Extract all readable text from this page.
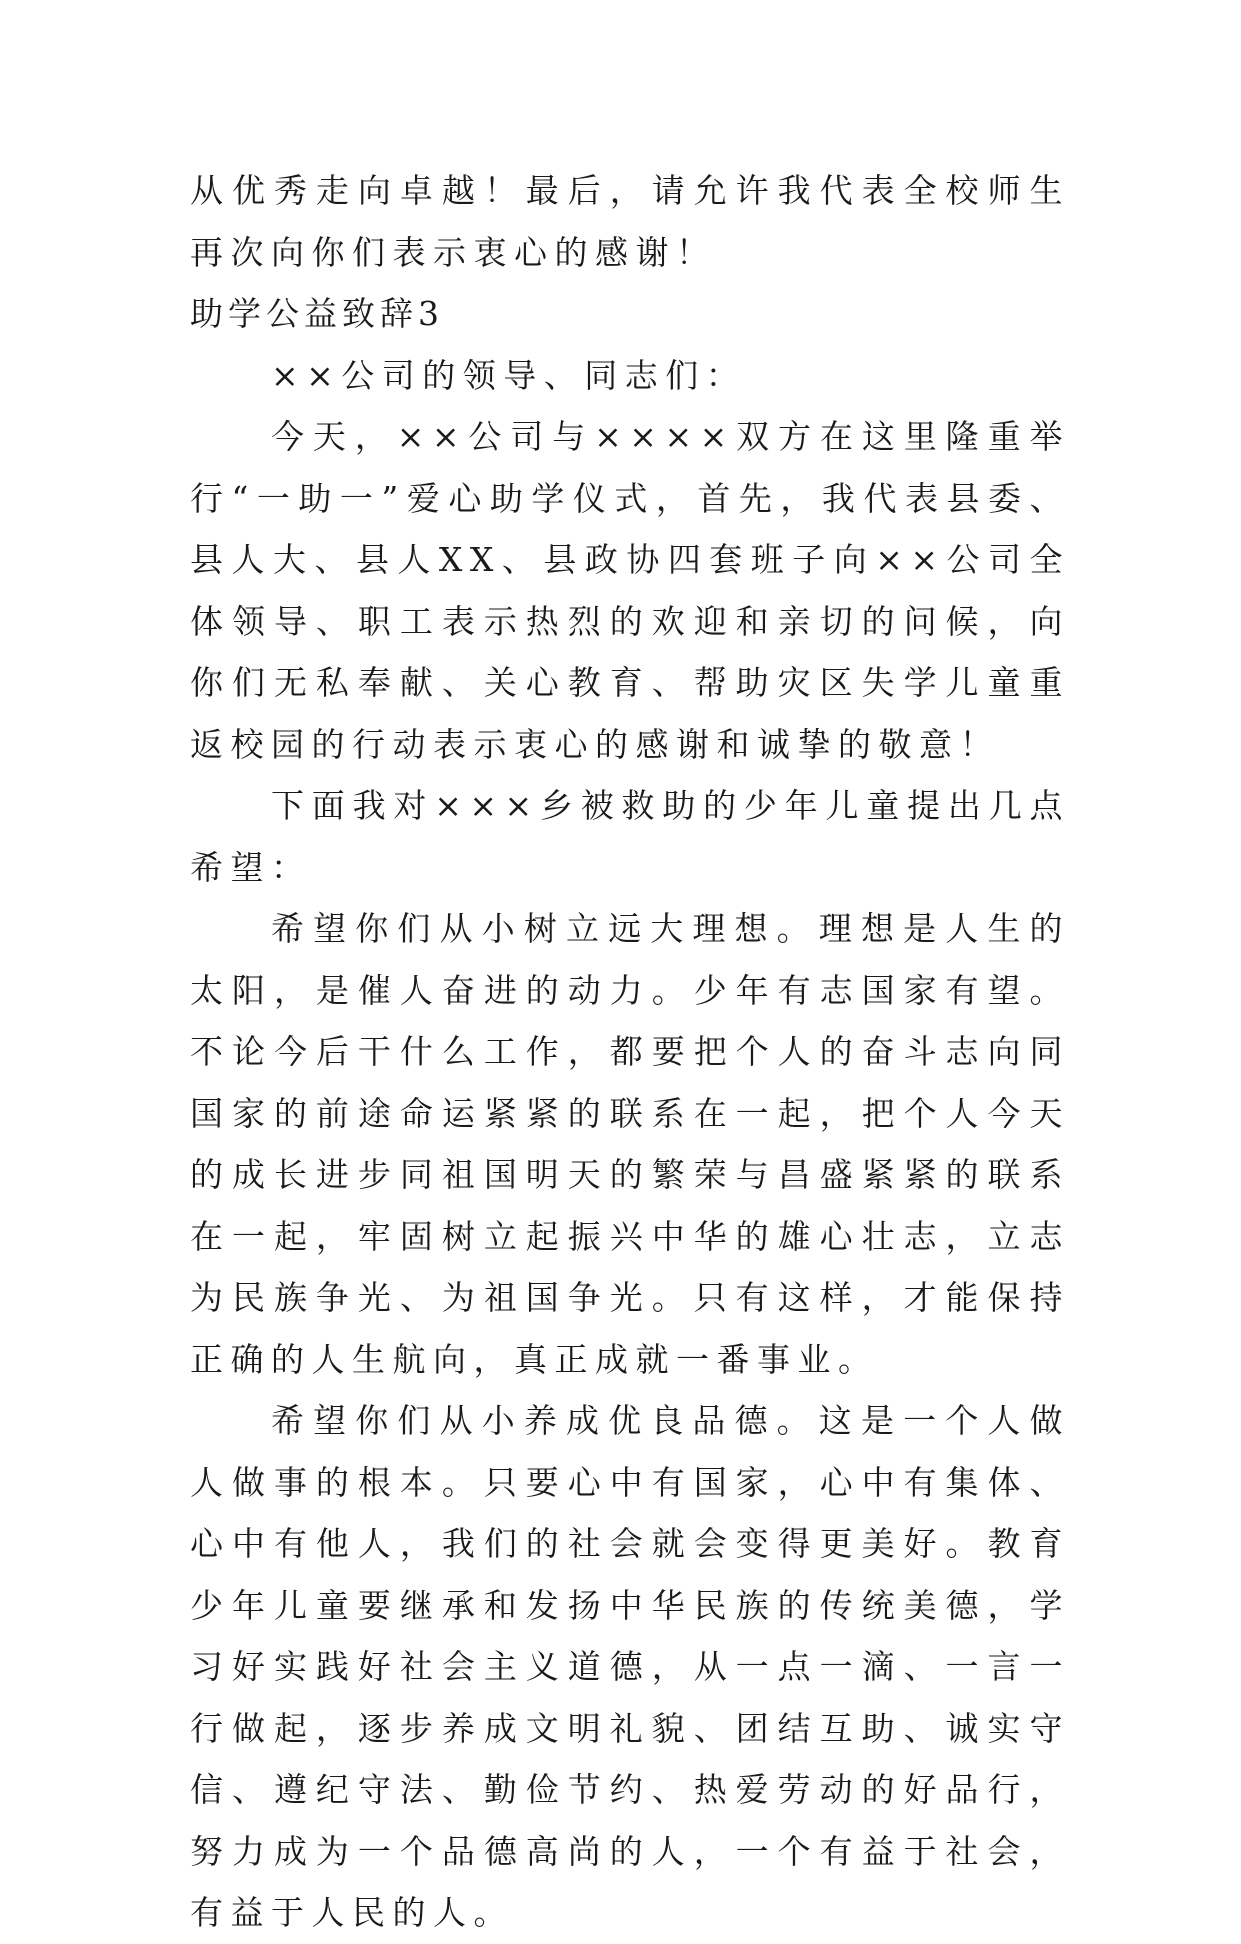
从优秀走向卓越！最后，请允许我代表全校师生再次向你们表示衷心的感谢！

助学公益致辞3

××公司的领导、同志们：

今天，××公司与××××双方在这里隆重举行“一助一”爱心助学仪式，首先，我代表县委、县人大、县人XX、县政协四套班子向××公司全体领导、职工表示热烈的欢迎和亲切的问候，向你们无私奉献、关心教育、帮助灾区失学儿童重返校园的行动表示衷心的感谢和诚挚的敬意！

下面我对×××乡被救助的少年儿童提出几点希望：

希望你们从小树立远大理想。理想是人生的太阳，是催人奋进的动力。少年有志国家有望。不论今后干什么工作，都要把个人的奋斗志向同国家的前途命运紧紧的联系在一起，把个人今天的成长进步同祖国明天的繁荣与昌盛紧紧的联系在一起，牢固树立起振兴中华的雄心壮志，立志为民族争光、为祖国争光。只有这样，才能保持正确的人生航向，真正成就一番事业。

希望你们从小养成优良品德。这是一个人做人做事的根本。只要心中有国家，心中有集体、心中有他人，我们的社会就会变得更美好。教育少年儿童要继承和发扬中华民族的传统美德，学习好实践好社会主义道德，从一点一滴、一言一行做起，逐步养成文明礼貌、团结互助、诚实守信、遵纪守法、勤俭节约、热爱劳动的好品行，努力成为一个品德高尚的人，一个有益于社会，有益于人民的人。
